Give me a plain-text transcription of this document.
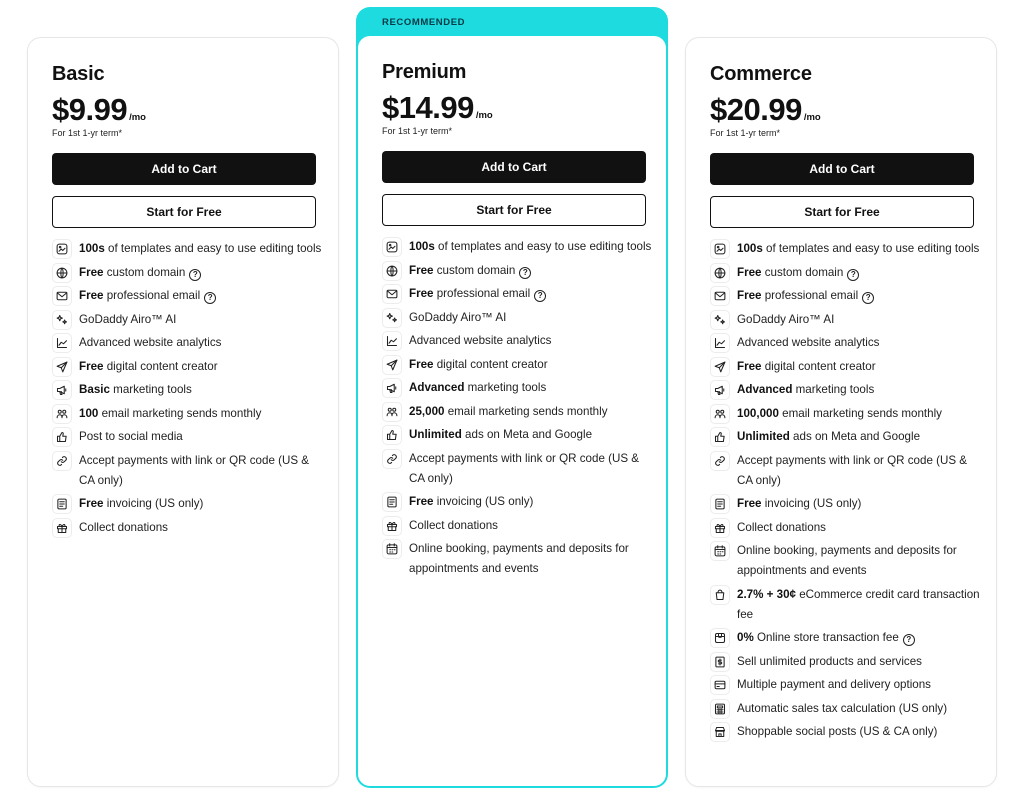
Basic
$9.99 /mo
For 1st 1-yr term*
Add to Cart
Start for Free
100s of templates and easy to use editing tools
Free custom domain ?
Free professional email ?
GoDaddy Airo™ AI
Advanced website analytics
Free digital content creator
Basic marketing tools
100 email marketing sends monthly
Post to social media
Accept payments with link or QR code (US & CA only)
Free invoicing (US only)
Collect donations
RECOMMENDED
Premium
$14.99 /mo
For 1st 1-yr term*
Add to Cart
Start for Free
100s of templates and easy to use editing tools
Free custom domain ?
Free professional email ?
GoDaddy Airo™ AI
Advanced website analytics
Free digital content creator
Advanced marketing tools
25,000 email marketing sends monthly
Unlimited ads on Meta and Google
Accept payments with link or QR code (US & CA only)
Free invoicing (US only)
Collect donations
Online booking, payments and deposits for appointments and events
Commerce
$20.99 /mo
For 1st 1-yr term*
Add to Cart
Start for Free
100s of templates and easy to use editing tools
Free custom domain ?
Free professional email ?
GoDaddy Airo™ AI
Advanced website analytics
Free digital content creator
Advanced marketing tools
100,000 email marketing sends monthly
Unlimited ads on Meta and Google
Accept payments with link or QR code (US & CA only)
Free invoicing (US only)
Collect donations
Online booking, payments and deposits for appointments and events
2.7% + 30¢ eCommerce credit card transaction fee
0% Online store transaction fee ?
Sell unlimited products and services
Multiple payment and delivery options
Automatic sales tax calculation (US only)
Shoppable social posts (US & CA only)
